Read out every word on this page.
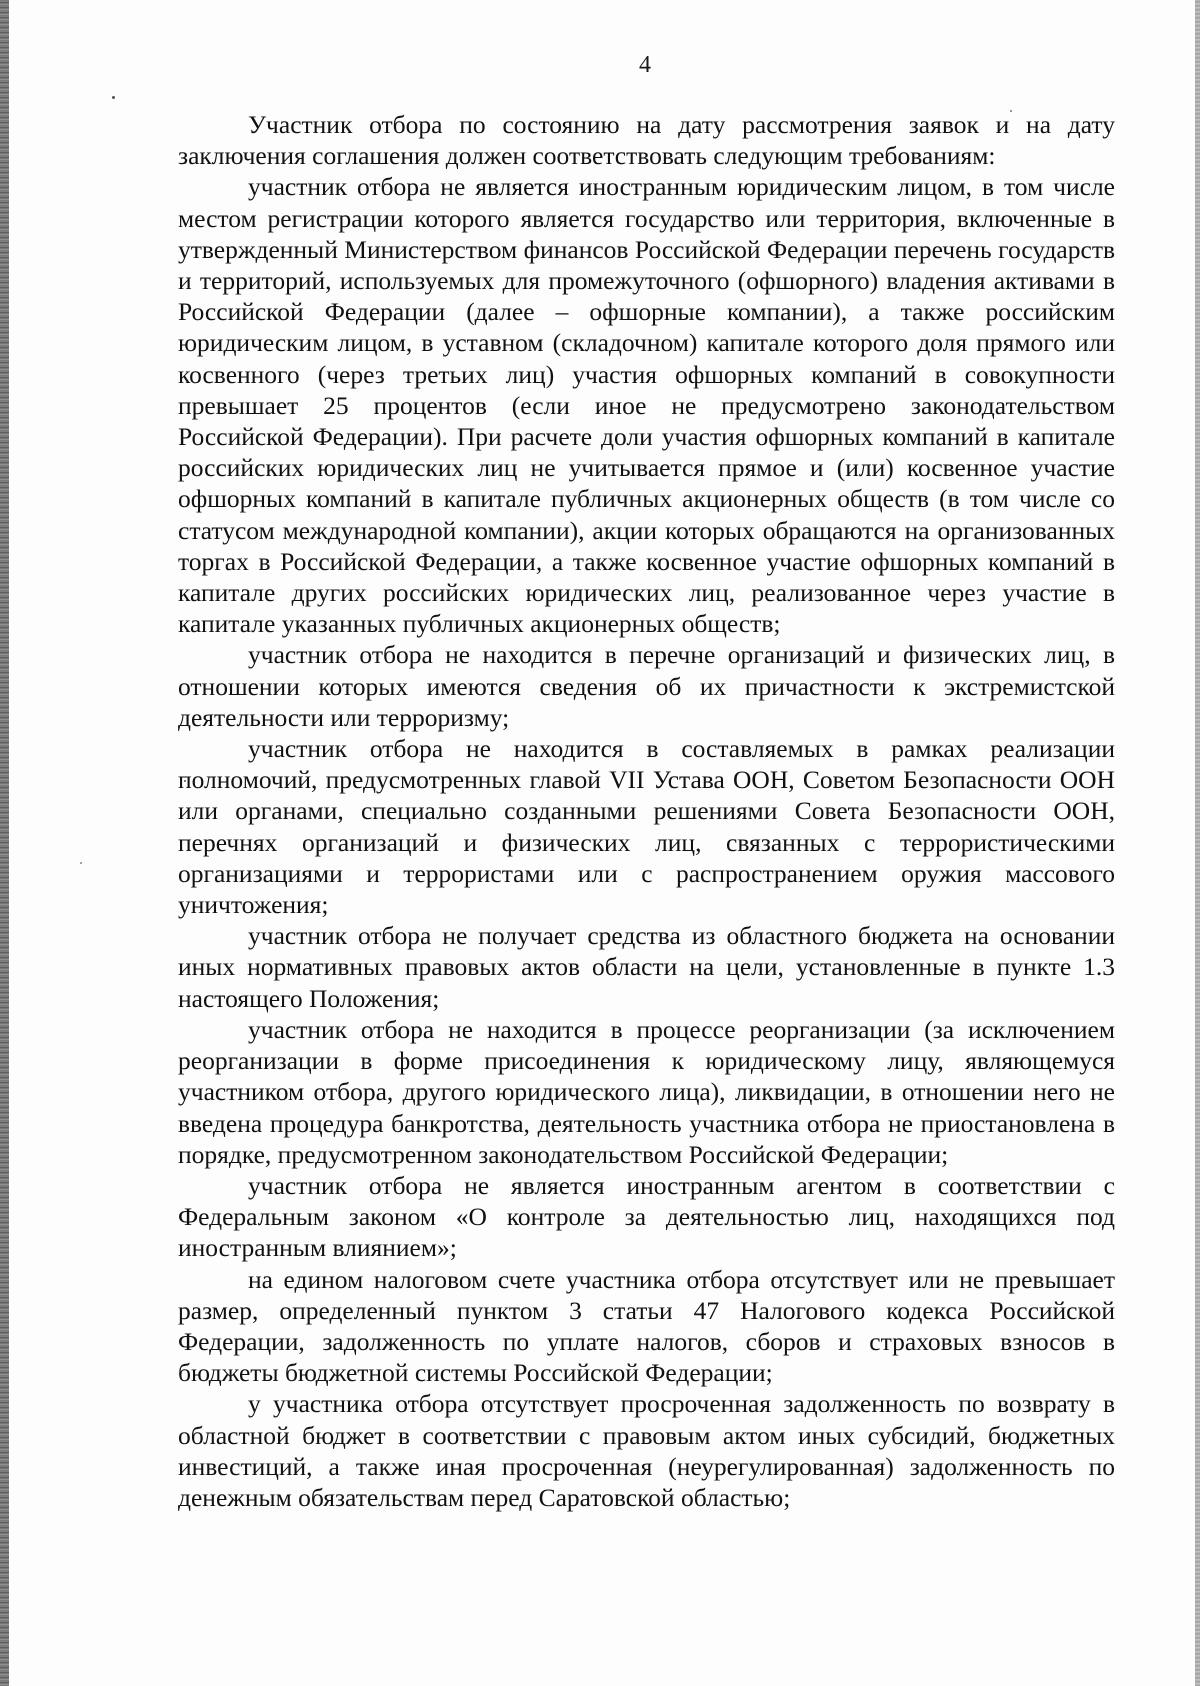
4

Участник отбора по состоянию на дату рассмотрения заявок и на дату заключения соглашения должен соответствовать следующим требованиям:

участник отбора не является иностранным юридическим лицом, в том числе местом регистрации которого является государство или территория, включенные в утвержденный Министерством финансов Российской Федерации перечень государств и территорий, используемых для промежуточного (офшорного) владения активами в Российской Федерации (далее – офшорные компании), а также российским юридическим лицом, в уставном (складочном) капитале которого доля прямого или косвенного (через третьих лиц) участия офшорных компаний в совокупности превышает 25 процентов (если иное не предусмотрено законодательством Российской Федерации). При расчете доли участия офшорных компаний в капитале российских юридических лиц не учитывается прямое и (или) косвенное участие офшорных компаний в капитале публичных акционерных обществ (в том числе со статусом международной компании), акции которых обращаются на организованных торгах в Российской Федерации, а также косвенное участие офшорных компаний в капитале других российских юридических лиц, реализованное через участие в капитале указанных публичных акционерных обществ;

участник отбора не находится в перечне организаций и физических лиц, в отношении которых имеются сведения об их причастности к экстремистской деятельности или терроризму;

участник отбора не находится в составляемых в рамках реализации полномочий, предусмотренных главой VII Устава ООН, Советом Безопасности ООН или органами, специально созданными решениями Совета Безопасности ООН, перечнях организаций и физических лиц, связанных с террористическими организациями и террористами или с распространением оружия массового уничтожения;

участник отбора не получает средства из областного бюджета на основании иных нормативных правовых актов области на цели, установленные в пункте 1.3 настоящего Положения;

участник отбора не находится в процессе реорганизации (за исключением реорганизации в форме присоединения к юридическому лицу, являющемуся участником отбора, другого юридического лица), ликвидации, в отношении него не введена процедура банкротства, деятельность участника отбора не приостановлена в порядке, предусмотренном законодательством Российской Федерации;

участник отбора не является иностранным агентом в соответствии с Федеральным законом «О контроле за деятельностью лиц, находящихся под иностранным влиянием»;

на едином налоговом счете участника отбора отсутствует или не превышает размер, определенный пунктом 3 статьи 47 Налогового кодекса Российской Федерации, задолженность по уплате налогов, сборов и страховых взносов в бюджеты бюджетной системы Российской Федерации;

у участника отбора отсутствует просроченная задолженность по возврату в областной бюджет в соответствии с правовым актом иных субсидий, бюджетных инвестиций, а также иная просроченная (неурегулированная) задолженность по денежным обязательствам перед Саратовской областью;
